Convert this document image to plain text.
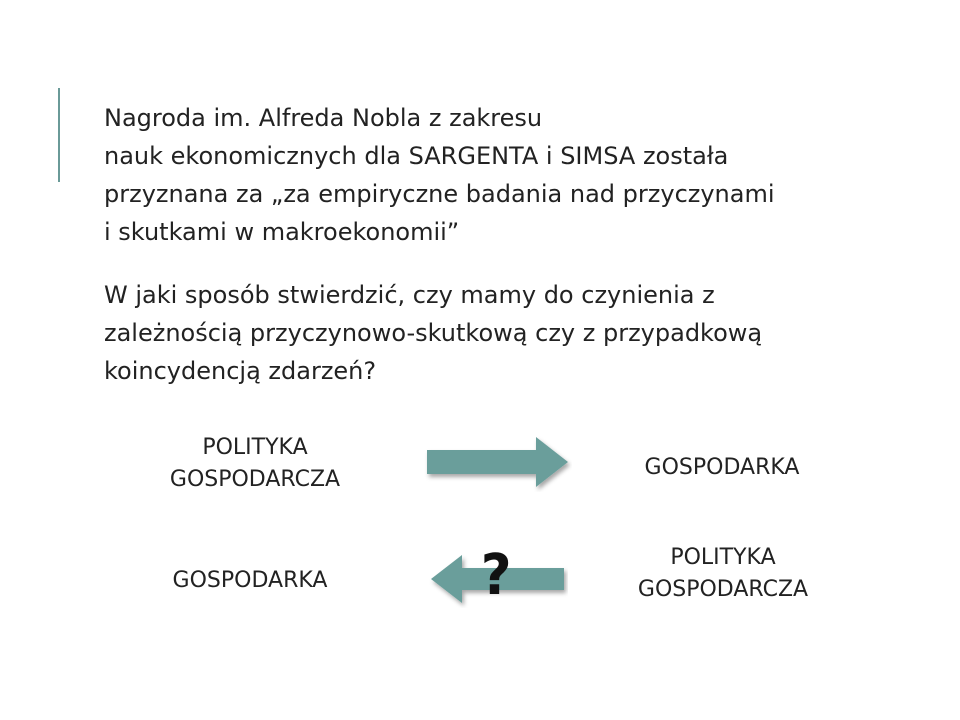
Nagroda im. Alfreda Nobla z zakresu
nauk ekonomicznych dla SARGENTA i SIMSA została
przyznana za „za empiryczne badania nad przyczynami
i skutkami w makroekonomii”

W jaki sposób stwierdzić, czy mamy do czynienia z
zależnością przyczynowo-skutkową czy z przypadkową
koincydencją zdarzeń?

POLITYKA
GOSPODARCZA	GOSPODARKA
GOSPODARKA	?	POLITYKA
GOSPODARCZA
